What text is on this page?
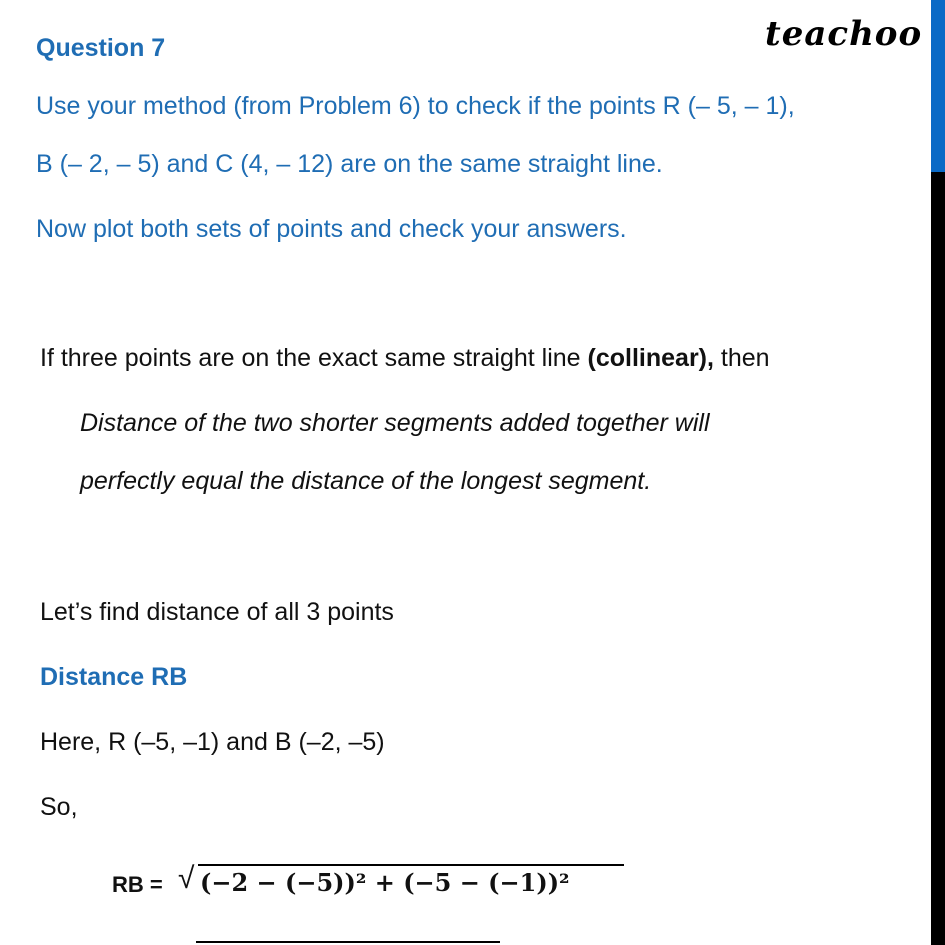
teachoo
Question 7
Use your method (from Problem 6) to check if the points R (– 5, – 1),
B (– 2, – 5) and C (4, – 12) are on the same straight line.
Now plot both sets of points and check your answers.
If three points are on the exact same straight line (collinear), then
Distance of the two shorter segments added together will
perfectly equal the distance of the longest segment.
Let’s find distance of all 3 points
Distance RB
Here, R (–5, –1) and B (–2, –5)
So,
RB = √ (−2 − (−5))² + (−5 − (−1))²
